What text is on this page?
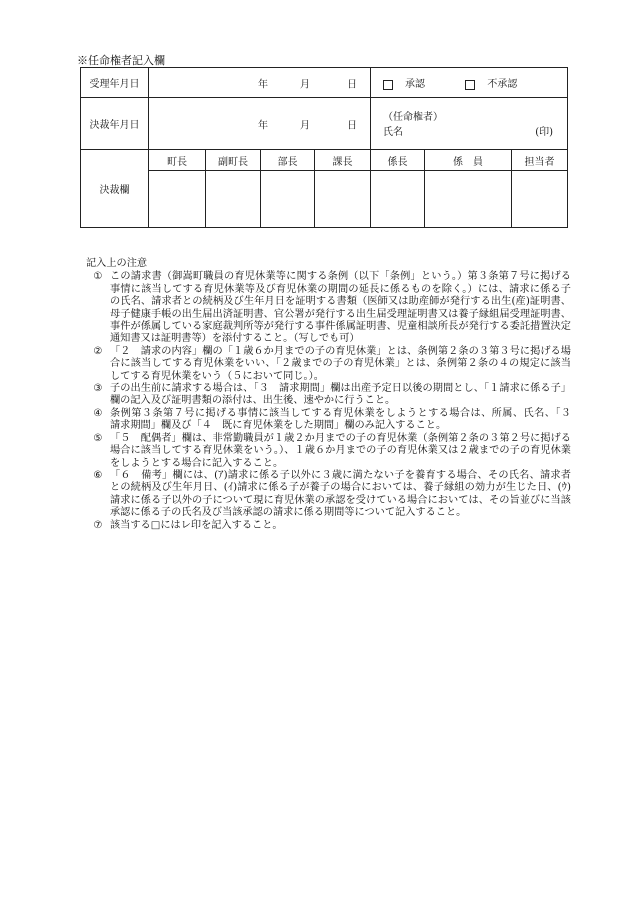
※任命権者記入欄
受理年月日	年 月 日				承認 不承認		
決裁年月日	年 月 日				（任命権者）
氏名 (印)		

決裁欄	町長	副町長	部長	課長	係長	係　員	担当者

記入上の注意
① この請求書（御嵩町職員の育児休業等に関する条例（以下「条例」という。）第３条第７号に掲げる事情に該当してする育児休業等及び育児休業の期間の延長に係るものを除く。）には、請求に係る子の氏名、請求者との続柄及び生年月日を証明する書類（医師又は助産師が発行する出生(産)証明書、母子健康手帳の出生届出済証明書、官公署が発行する出生届受理証明書又は養子縁組届受理証明書、事件が係属している家庭裁判所等が発行する事件係属証明書、児童相談所長が発行する委託措置決定通知書又は証明書等）を添付すること。（写しでも可）
② 「２　請求の内容」欄の「１歳６か月までの子の育児休業」とは、条例第２条の３第３号に掲げる場合に該当してする育児休業をいい、「２歳までの子の育児休業」とは、条例第２条の４の規定に該当してする育児休業をいう（５において同じ。）。
③ 子の出生前に請求する場合は、「３　請求期間」欄は出産予定日以後の期間とし、「１請求に係る子」欄の記入及び証明書類の添付は、出生後、速やかに行うこと。
④ 条例第３条第７号に掲げる事情に該当してする育児休業をしようとする場合は、所属、氏名、「３　請求期間」欄及び「４　既に育児休業をした期間」欄のみ記入すること。
⑤ 「５　配偶者」欄は、非常勤職員が１歳２か月までの子の育児休業（条例第２条の３第２号に掲げる場合に該当してする育児休業をいう。）、１歳６か月までの子の育児休業又は２歳までの子の育児休業をしようとする場合に記入すること。
⑥ 「６　備考」欄には、(ｱ)請求に係る子以外に３歳に満たない子を養育する場合、その氏名、請求者との続柄及び生年月日、(ｲ)請求に係る子が養子の場合においては、養子縁組の効力が生じた日、(ｳ)請求に係る子以外の子について現に育児休業の承認を受けている場合においては、その旨並びに当該承認に係る子の氏名及び当該承認の請求に係る期間等について記入すること。
⑦ 該当する□にはレ印を記入すること。
